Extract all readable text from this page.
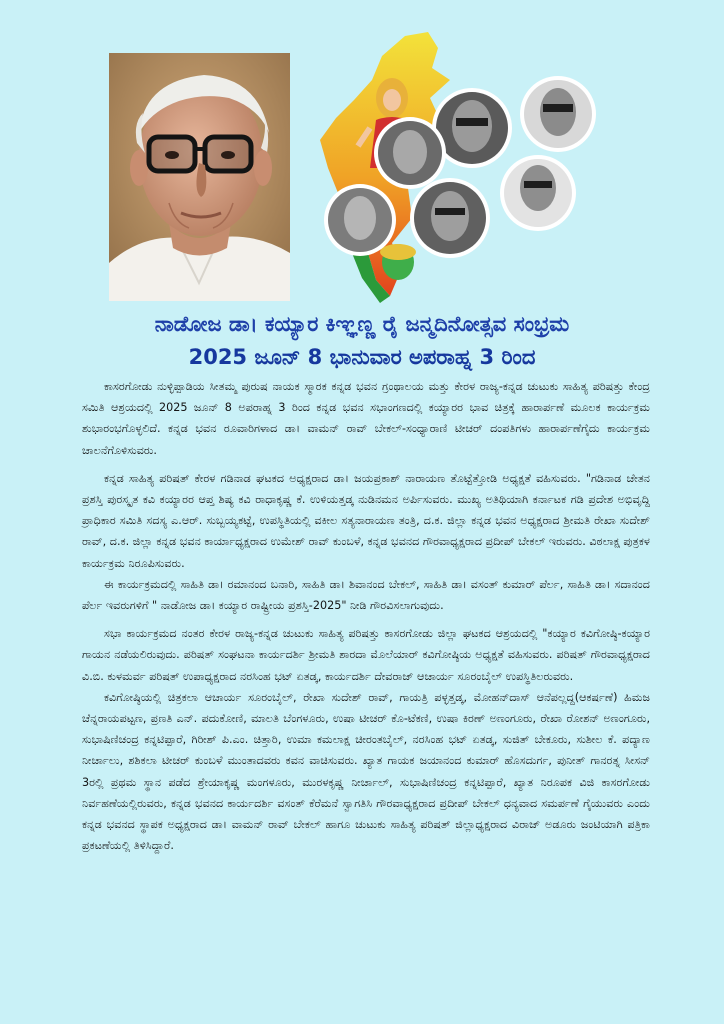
ನಾಡೋಜ ಡಾ। ಕಯ್ಯಾರ ಕಿಞ್ಞಣ್ಣ ರೈ ಜನ್ಮದಿನೋತ್ಸವ ಸಂಭ್ರಮ
2025 ಜೂನ್ 8 ಭಾನುವಾರ ಅಪರಾಹ್ನ 3 ರಿಂದ

ಕಾಸರಗೋಡು ನುಳ್ಳಿಪ್ಪಾಡಿಯ ಸೀತಮ್ಮ ಪುರುಷ ನಾಯಕ ಸ್ಮಾರಕ ಕನ್ನಡ ಭವನ ಗ್ರಂಥಾಲಯ ಮತ್ತು ಕೇರಳ ರಾಜ್ಯ-ಕನ್ನಡ ಚುಟುಕು ಸಾಹಿತ್ಯ ಪರಿಷತ್ತು ಕೇಂದ್ರ ಸಮಿತಿ ಆಶ್ರಯದಲ್ಲಿ 2025 ಜೂನ್ 8 ಅಪರಾಹ್ನ 3 ರಿಂದ ಕನ್ನಡ ಭವನ ಸಭಾಂಗಣದಲ್ಲಿ ಕಯ್ಯಾರರ ಭಾವ ಚಿತ್ರಕ್ಕೆ ಹಾರಾರ್ಪಣೆ ಮೂಲಕ ಕಾರ್ಯಕ್ರಮ ಶುಭಾರಂಭಗೊಳ್ಳಲಿದೆ. ಕನ್ನಡ ಭವನ ರೂವಾರಿಗಳಾದ ಡಾ। ವಾಮನ್ ರಾವ್ ಬೇಕಲ್-ಸಂಧ್ಯಾರಾಣಿ ಟೀಚರ್ ದಂಪತಿಗಳು ಹಾರಾರ್ಪಣೆಗೈದು ಕಾರ್ಯಕ್ರಮ ಚಾಲನೆಗೊಳಿಸುವರು.

ಕನ್ನಡ ಸಾಹಿತ್ಯ ಪರಿಷತ್ ಕೇರಳ ಗಡಿನಾಡ ಘಟಕದ ಅಧ್ಯಕ್ಷರಾದ ಡಾ। ಜಯಪ್ರಕಾಶ್ ನಾರಾಯಣ ತೊಟ್ಟೆತ್ತೋಡಿ ಅಧ್ಯಕ್ಷತೆ ವಹಿಸುವರು. "ಗಡಿನಾಡ ಚೇತನ ಪ್ರಶಸ್ತಿ ಪುರಸ್ಕೃತ ಕವಿ ಕಯ್ಯಾರರ ಆಪ್ತ ಶಿಷ್ಯ ಕವಿ ರಾಧಾಕೃಷ್ಣ ಕೆ. ಉಳಿಯತ್ತಡ್ಕ ನುಡಿನಮನ ಅರ್ಪಿಸುವರು. ಮುಖ್ಯ ಅತಿಥಿಯಾಗಿ ಕರ್ನಾಟಕ ಗಡಿ ಪ್ರದೇಶ ಅಭಿವೃದ್ದಿ ಪ್ರಾಧಿಕಾರ ಸಮಿತಿ ಸದಸ್ಯ ಎ.ಆರ್. ಸುಬ್ಬಯ್ಯಕಟ್ಟೆ, ಉಪಸ್ಥಿತಿಯಲ್ಲಿ ವಕೀಲ ಸತ್ಯನಾರಾಯಣ ತಂತ್ರಿ, ದ.ಕ. ಜಿಲ್ಲಾ ಕನ್ನಡ ಭವನ ಅಧ್ಯಕ್ಷರಾದ ಶ್ರೀಮತಿ ರೇಖಾ ಸುದೇಶ್ ರಾವ್, ದ.ಕ. ಜಿಲ್ಲಾ ಕನ್ನಡ ಭವನ ಕಾರ್ಯಾಧ್ಯಕ್ಷರಾದ ಉಮೇಶ್ ರಾವ್ ಕುಂಬಳೆ, ಕನ್ನಡ ಭವನದ ಗೌರವಾಧ್ಯಕ್ಷರಾದ ಪ್ರದೀಪ್ ಬೇಕಲ್ ಇರುವರು. ವಿಠಲಾಕ್ಷ ಪುತ್ರಕಳ ಕಾರ್ಯಕ್ರಮ ನಿರೂಪಿಸುವರು.

ಈ ಕಾರ್ಯಕ್ರಮದಲ್ಲಿ ಸಾಹಿತಿ ಡಾ। ರಮಾನಂದ ಬನಾರಿ, ಸಾಹಿತಿ ಡಾ। ಶಿವಾನಂದ ಬೇಕಲ್, ಸಾಹಿತಿ ಡಾ। ವಸಂತ್ ಕುಮಾರ್ ಪೆರ್ಲ, ಸಾಹಿತಿ ಡಾ। ಸದಾನಂದ ಪೆರ್ಲ ಇವರುಗಳಿಗೆ " ನಾಡೋಜ ಡಾ। ಕಯ್ಯಾರ ರಾಷ್ಟ್ರೀಯ ಪ್ರಶಸ್ತಿ-2025" ನೀಡಿ ಗೌರವಿಸಲಾಗುವುದು.

ಸಭಾ ಕಾರ್ಯಕ್ರಮದ ನಂತರ ಕೇರಳ ರಾಜ್ಯ-ಕನ್ನಡ ಚುಟುಕು ಸಾಹಿತ್ಯ ಪರಿಷತ್ತು ಕಾಸರಗೋಡು ಜಿಲ್ಲಾ ಘಟಕದ ಆಶ್ರಯದಲ್ಲಿ "ಕಯ್ಯಾರ ಕವಿಗೋಷ್ಠಿ-ಕಯ್ಯಾರ ಗಾಯನ ನಡೆಯಲಿರುವುದು. ಪರಿಷತ್ ಸಂಘಟನಾ ಕಾರ್ಯದರ್ಶಿ ಶ್ರೀಮತಿ ಶಾರದಾ ಮೊಲೆಯಾರ್ ಕವಿಗೋಷ್ಠಿಯ ಅಧ್ಯಕ್ಷತೆ ವಹಿಸುವರು. ಪರಿಷತ್ ಗೌರವಾಧ್ಯಕ್ಷರಾದ ವಿ.ಬಿ. ಕುಳಮರ್ವ ಪರಿಷತ್ ಉಪಾಧ್ಯಕ್ಷರಾದ ನರಸಿಂಹ ಭಟ್ ಏತಡ್ಕ, ಕಾರ್ಯದರ್ಶಿ ದೇವರಾಜ್ ಆಚಾರ್ಯ ಸೂರಂಬೈಲ್ ಉಪಸ್ಥಿತಿಲರುವರು.

ಕವಿಗೋಷ್ಠಿಯಲ್ಲಿ ಚಿತ್ರಕಲಾ ಆಚಾರ್ಯ ಸೂರಂಬೈಲ್, ರೇಖಾ ಸುದೇಶ್ ರಾವ್, ಗಾಯತ್ರಿ ಪಳ್ಳತ್ತಡ್ಕ, ಮೋಹನ್‌ದಾಸ್ ಆನೆಪಲ್ಲದ್ದ(ಆಕರ್ಷಣೆ) ಹಿಮಜ ಚೆನ್ನರಾಯಪಟ್ಟಣ, ಪ್ರಣತಿ ಎನ್. ಪದುಕೋಣಿ, ಮಾಲತಿ ಬೆಂಗಳೂರು, ಉಷಾ ಟೀಚರ್ ಕೊ-ಟೆಕಣಿ, ಉಷಾ ಕಿರಣ್ ಅಣಂಗೂರು, ರೇಖಾ ರೋಶನ್ ಅಣಂಗೂರು, ಸುಭಾಷಿಣಿಚಂದ್ರ ಕನ್ನಟಿಪ್ಪಾರೆ, ಗಿರೀಶ್ ಪಿ.ಎಂ. ಚಿತ್ತಾರಿ, ಉಮಾ ಕಮಲಾಕ್ಷ ಚೀರಂತಬೈಲ್, ನರಸಿಂಹ ಭಟ್ ಏತಡ್ಕ, ಸುಜಿತ್ ಬೇಕೂರು, ಸುಶೀಲ ಕೆ. ಪದ್ಯಾಣ ನೀರ್ಚಾಲು, ಶಶಿಕಲಾ ಟೀಚರ್ ಕುಂಬಳೆ ಮುಂತಾದವರು ಕವನ ವಾಚಿಸುವರು. ಖ್ಯಾತ ಗಾಯಕ ಜಯಾನಂದ ಕುಮಾರ್ ಹೊಸದುರ್ಗ, ಪುನೀತ್ ಗಾನರತ್ನ ಸೀಸನ್ 3ರಲ್ಲಿ ಪ್ರಥಮ ಸ್ಥಾನ ಪಡೆದ ಶ್ರೇಯಾಕೃಷ್ಣ ಮಂಗಳೂರು, ಮುರಳಕೃಷ್ಣ ನೀರ್ಚಾಲ್, ಸುಭಾಷಿಣಿಚಂದ್ರ ಕನ್ನಟಿಪ್ಪಾರೆ, ಖ್ಯಾತ ನಿರೂಪಕ ವಿಜಿ ಕಾಸರಗೋಡು ನಿರ್ವಹಣೆಯಲ್ಲಿರುವರು, ಕನ್ನಡ ಭವನದ ಕಾರ್ಯದರ್ಶಿ ವಸಂತ್ ಕೆರೆಮನೆ ಸ್ವಾಗತಿಸಿ ಗೌರವಾಧ್ಯಕ್ಷರಾದ ಪ್ರದೀಪ್ ಬೇಕಲ್ ಧನ್ಯವಾದ ಸಮರ್ಪಣೆ ಗೈಯುವರು ಎಂದು ಕನ್ನಡ ಭವನದ ಸ್ಥಾಪಕ ಅಧ್ಯಕ್ಷರಾದ ಡಾ। ವಾಮನ್ ರಾವ್ ಬೇಕಲ್ ಹಾಗೂ ಚುಟುಕು ಸಾಹಿತ್ಯ ಪರಿಷತ್ ಜಿಲ್ಲಾಧ್ಯಕ್ಷರಾದ ವಿರಾಜ್ ಅಡೂರು ಜಂಟಿಯಾಗಿ ಪತ್ರಿಕಾ ಪ್ರಕಟಣೆಯಲ್ಲಿ ತಿಳಿಸಿದ್ದಾರೆ.
